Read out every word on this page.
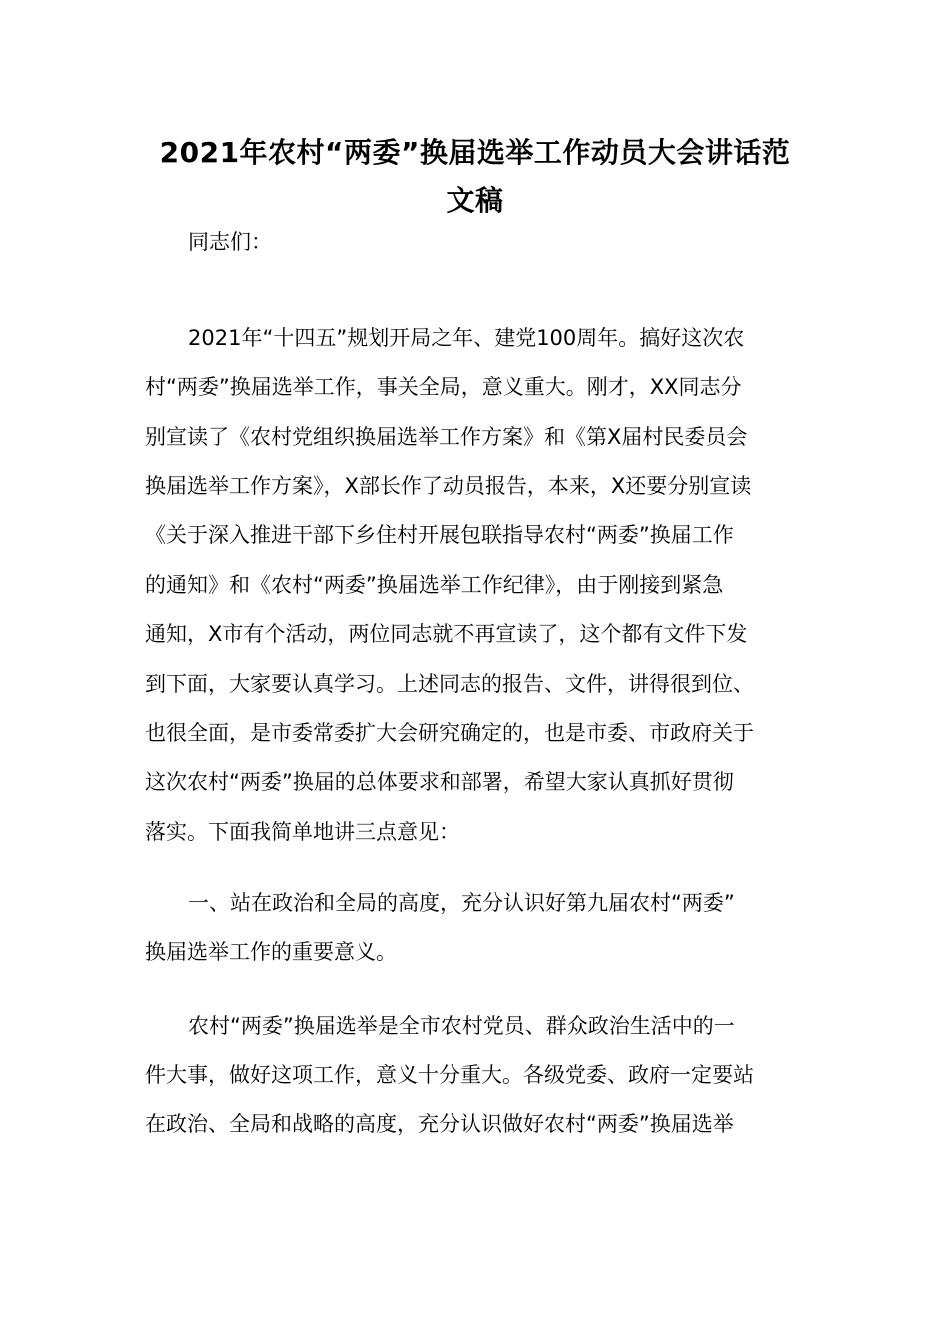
2021年农村“两委”换届选举工作动员大会讲话范
文稿
同志们：
2021年“十四五”规划开局之年、建党100周年。搞好这次农
村“两委”换届选举工作，事关全局，意义重大。刚才，XX同志分
别宣读了《农村党组织换届选举工作方案》和《第X届村民委员会
换届选举工作方案》，X部长作了动员报告，本来，X还要分别宣读
《关于深入推进干部下乡住村开展包联指导农村“两委”换届工作
的通知》和《农村“两委”换届选举工作纪律》，由于刚接到紧急
通知，X市有个活动，两位同志就不再宣读了，这个都有文件下发
到下面，大家要认真学习。上述同志的报告、文件，讲得很到位、
也很全面，是市委常委扩大会研究确定的，也是市委、市政府关于
这次农村“两委”换届的总体要求和部署，希望大家认真抓好贯彻
落实。下面我简单地讲三点意见：
一、站在政治和全局的高度，充分认识好第九届农村“两委”
换届选举工作的重要意义。
农村“两委”换届选举是全市农村党员、群众政治生活中的一
件大事，做好这项工作，意义十分重大。各级党委、政府一定要站
在政治、全局和战略的高度，充分认识做好农村“两委”换届选举
